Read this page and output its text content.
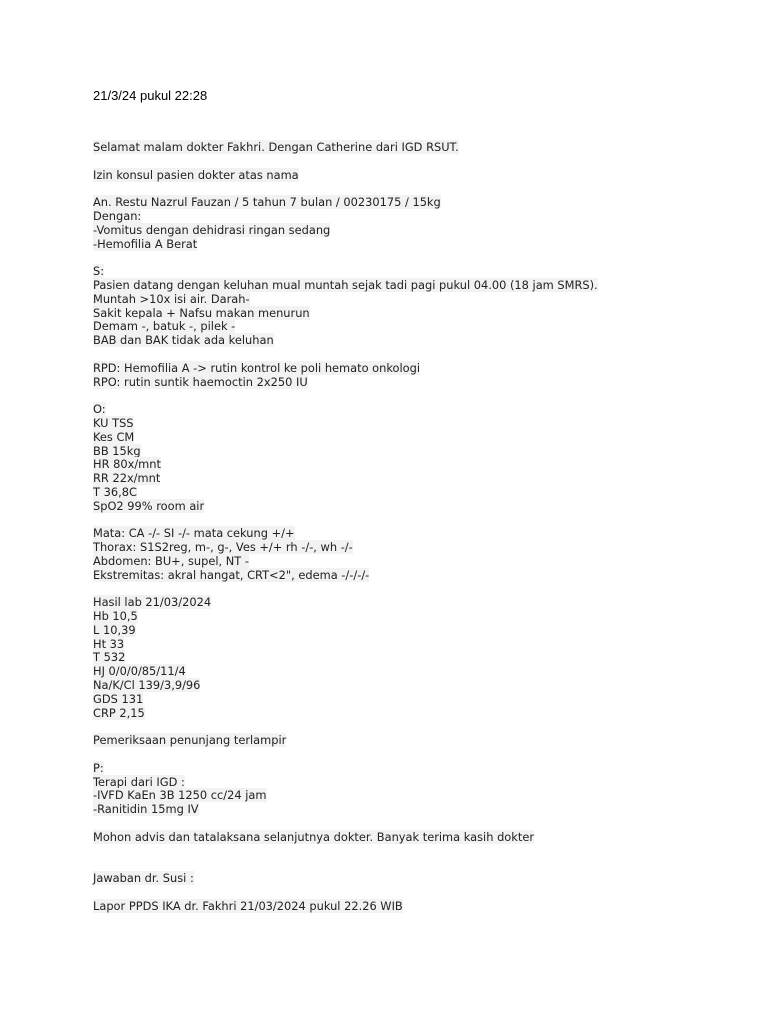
21/3/24 pukul 22:28
Selamat malam dokter Fakhri. Dengan Catherine dari IGD RSUT.
Izin konsul pasien dokter atas nama
An. Restu Nazrul Fauzan / 5 tahun 7 bulan / 00230175 / 15kg
Dengan:
-Vomitus dengan dehidrasi ringan sedang
-Hemofilia A Berat
S:
Pasien datang dengan keluhan mual muntah sejak tadi pagi pukul 04.00 (18 jam SMRS).
Muntah >10x isi air. Darah-
Sakit kepala + Nafsu makan menurun
Demam -, batuk -, pilek -
BAB dan BAK tidak ada keluhan
RPD: Hemofilia A -> rutin kontrol ke poli hemato onkologi
RPO: rutin suntik haemoctin 2x250 IU
O:
KU TSS
Kes CM
BB 15kg
HR 80x/mnt
RR 22x/mnt
T 36,8C
SpO2 99% room air
Mata: CA -/- SI -/- mata cekung +/+
Thorax: S1S2reg, m-, g-, Ves +/+ rh -/-, wh -/-
Abdomen: BU+, supel, NT -
Ekstremitas: akral hangat, CRT<2", edema -/-/-/-
Hasil lab 21/03/2024
Hb 10,5
L 10,39
Ht 33
T 532
HJ 0/0/0/85/11/4
Na/K/Cl 139/3,9/96
GDS 131
CRP 2,15
Pemeriksaan penunjang terlampir
P:
Terapi dari IGD :
-IVFD KaEn 3B 1250 cc/24 jam
-Ranitidin 15mg IV
Mohon advis dan tatalaksana selanjutnya dokter. Banyak terima kasih dokter
Jawaban dr. Susi :
Lapor PPDS IKA dr. Fakhri 21/03/2024 pukul 22.26 WIB
